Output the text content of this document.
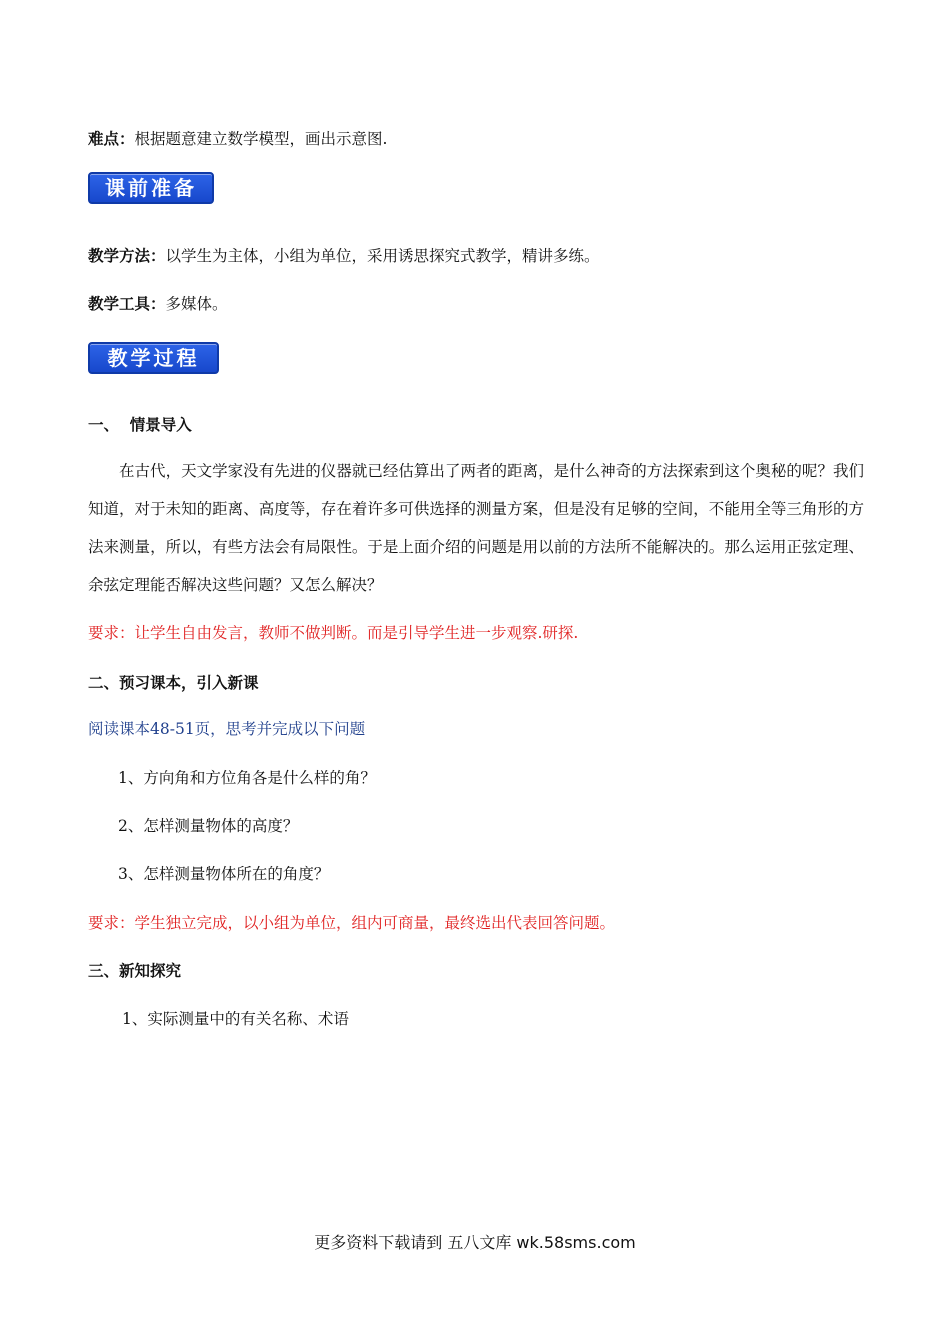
难点：根据题意建立数学模型，画出示意图.
课前准备
教学方法：以学生为主体，小组为单位，采用诱思探究式教学，精讲多练。
教学工具：多媒体。
教学过程
一、  情景导入
在古代，天文学家没有先进的仪器就已经估算出了两者的距离，是什么神奇的方法探索到这个奥秘的呢？我们知道，对于未知的距离、高度等，存在着许多可供选择的测量方案，但是没有足够的空间，不能用全等三角形的方法来测量，所以，有些方法会有局限性。于是上面介绍的问题是用以前的方法所不能解决的。那么运用正弦定理、余弦定理能否解决这些问题？又怎么解决？
要求：让学生自由发言，教师不做判断。而是引导学生进一步观察.研探.
二、预习课本，引入新课
阅读课本48-51页，思考并完成以下问题
1、方向角和方位角各是什么样的角？
2、怎样测量物体的高度？
3、怎样测量物体所在的角度？
要求：学生独立完成，以小组为单位，组内可商量，最终选出代表回答问题。
三、新知探究
1、实际测量中的有关名称、术语
更多资料下载请到 五八文库 wk.58sms.com
